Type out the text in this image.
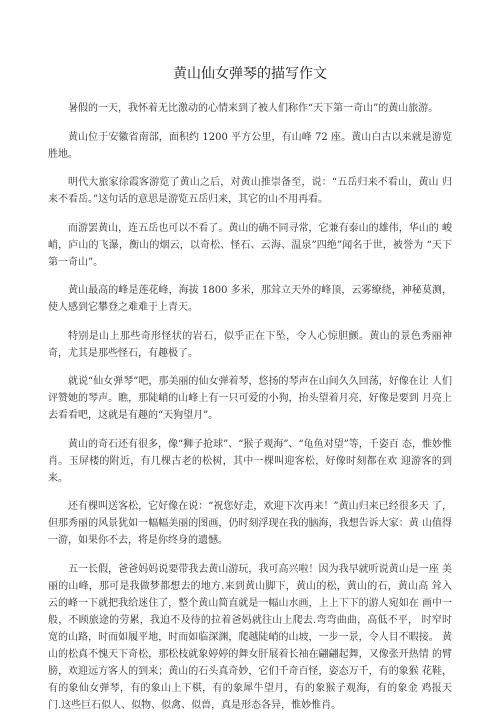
黄山仙女弹琴的描写作文

暑假的一天，我怀着无比激动的心情来到了被人们称作“天下第一奇山”的黄山旅游。

黄山位于安徽省南部，面积约 1200 平方公里，有山峰 72 座。黄山白古以来就是游览 胜地。

明代大旅家徐霞客游览了黄山之后，对黄山推崇备至，说：“五岳归来不看山，黄山 归来不看岳。”这句话的意思是游览五岳归来，其它的山不用再看。

而游罢黄山，连五岳也可以不看了。黄山的确不同寻常，它兼有泰山的雄伟，华山的 峻峭，庐山的飞瀑，衡山的烟云，以奇松、怪石、云海、温泉”四绝”闻名于世，被誉为 “天下第一奇山”。

黄山最高的峰是莲花峰，海拔 1800 多米，那耸立天外的峰顶，云雾缭绕，神秘莫测， 使人感到它攀登之难难于上青天。

特别是山上那些奇形怪状的岩石，似乎正在下坠，令人心惊胆颤。黄山的景色秀丽神 奇，尤其是那些怪石，有趣极了。

就说“仙女弹琴”吧，那美丽的仙女弹着琴，悠扬的琴声在山间久久回荡，好像在让 人们评赞她的琴声。瞧，那陡峭的山峰上有一只可爱的小狗，抬头望着月亮，好像是要到 月亮上去看看吧，这就是有趣的“天狗望月”。

黄山的奇石还有很多，像“狮子抢球”、“猴子观海”、“龟鱼对望”等，千姿百 态，惟妙惟肖。玉屏楼的附近，有几棵古老的松树，其中一棵叫迎客松，好像时刻都在欢 迎游客的到来。

还有棵叫送客松，它好像在说：“祝您好走，欢迎下次再来！”黄山归来已经很多天 了，但那秀丽的风景犹如一幅幅美丽的图画，仍时刻浮现在我的脑海，我想告诉大家：黄 山值得一游，如果你不去，将是你终身的遗憾。

五一长假，爸爸妈妈说要带我去黄山游玩，我可高兴啦！因为我早就听说黄山是一座 美丽的山峰，那可是我做梦都想去的地方.来到黄山脚下，黄山的松，黄山的石，黄山高 耸入云的峰一下就把我给迷住了，整个黄山简直就是一幅山水画，上上下下的游人宛如在 画中一般，不顾旅途的劳累，我迫不及待的拉着爸妈就往山上爬去.弯弯曲曲，高低不平， 时窄时宽的山路，时而如履平地，时而如临深渊，爬越陡峭的山坡，一步一景，令人目不暇接。 黄山的松真不愧天下奇松，那松枝就象婷婷的舞女肝展着长袖在翩翩起舞，又像张开热情 的臂膀，欢迎远方客人的到来；黄山的石头真奇妙，它们千奇百怪，姿态万千，有的象猴 花鞋，有的象仙女弹琴，有的象山上下棋，有的象犀牛望月，有的象猴子观海，有的象金 鸡报天门.这些巨石似人、似物、似禽、似兽，真是形态各异，惟妙惟肖。
